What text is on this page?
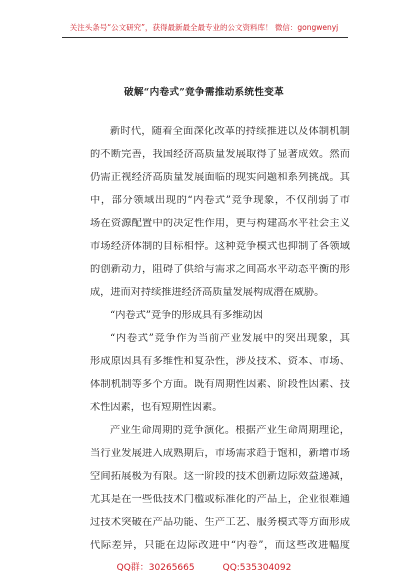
关注头条号“公文研究”，获得最新最全最专业的公文资料库！ 微信：gongwenyj
破解“内卷式”竞争需推动系统性变革
新时代，随着全面深化改革的持续推进以及体制机制
的不断完善，我国经济高质量发展取得了显著成效。然而
仍需正视经济高质量发展面临的现实问题和系列挑战。其
中，部分领域出现的“内卷式”竞争现象，不仅削弱了市
场在资源配置中的决定性作用，更与构建高水平社会主义
市场经济体制的目标相悖。这种竞争模式也抑制了各领域
的创新动力，阻碍了供给与需求之间高水平动态平衡的形
成，进而对持续推进经济高质量发展构成潜在威胁。
“内卷式”竞争的形成具有多维动因
“内卷式”竞争作为当前产业发展中的突出现象，其
形成原因具有多维性和复杂性，涉及技术、资本、市场、
体制机制等多个方面。既有周期性因素、阶段性因素、技
术性因素，也有短期性因素。
产业生命周期的竞争演化。根据产业生命周期理论，
当行业发展进入成熟期后，市场需求趋于饱和，新增市场
空间拓展极为有限。这一阶段的技术创新边际效益递减，
尤其是在一些低技术门槛或标准化的产品上，企业很难通
过技术突破在产品功能、生产工艺、服务模式等方面形成
代际差异，只能在边际改进中“内卷”，而这些改进幅度
QQ群：30265665	QQ:535304092
